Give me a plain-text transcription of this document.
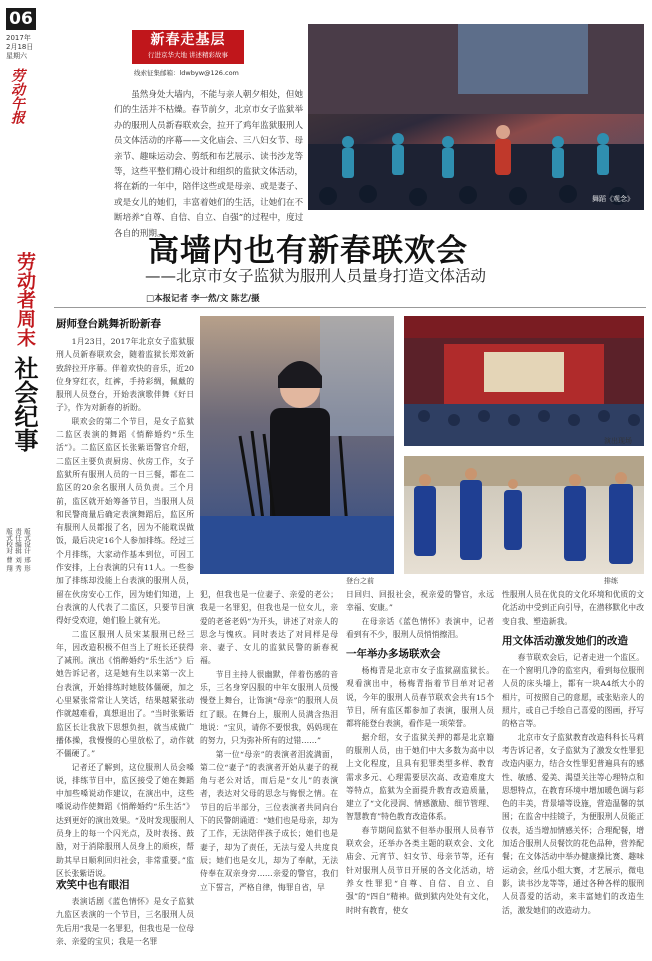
06
2017年
2月18日
星期六
劳动午报
劳动者周末
社会纪事
版式设计 邢 形
责任编辑 刘 秀
版式校对 曹 翔
新春走基层
行进京华大地 讲述精彩故事
线索征集邮箱：ldwbyw@126.com
虽然身处大墙内，不能与亲人朝夕相处，但她们的生活并不枯燥。春节前夕，北京市女子监狱举办的服刑人员新春联欢会，拉开了鸡年监狱服刑人员文体活动的序幕——文化庙会、三八妇女节、母亲节、趣味运动会、剪纸和布艺展示、读书沙龙等等，这些平整们精心设计和组织的监狱文体活动，将在新的一年中，陪伴这些或是母亲、或是妻子、或是女儿的她们，丰富着她们的生活，让她们在不断培养“自尊、自信、自立、自强”的过程中，度过各自的刑期。
舞蹈《观念》
高墙内也有新春联欢会
——北京市女子监狱为服刑人员量身打造文体活动
□本报记者 李一然/文 陈艺/摄
厨师登台跳舞祈盼新春

1月23日，2017年北京女子监狱服刑人员新春联欢会，随着监狱长郑效新致辞拉开序幕。伴着欢快的音乐，近20位身穿红衣，红裤，手持彩绸，佩戴的服刑人员登台，开始表演歌伴舞《好日子》，作为对新春的祈盼。

联欢会的第二个节目，是女子监狱二监区表演的舞蹈《悄醉婚约“乐生活”》。二监区监区长张紫语警官介绍，二监区主要负责厨房、伙房工作，女子监狱所有服刑人员的一日三餐，都在二监区的20余名服刑人员负责。三个月前，监区就开始筹备节目，当服刑人员和民警商量后确定表演舞蹈后，监区所有服刑人员都报了名，因为不能耽误做饭，最后决定16个人参加排练。经过三个月排练，大家动作基本到位，可因工作安排，上台表演的只有11人。一些参加了排练却没能上台表演的服刑人员，留在伙房安心工作，因为她们知道，上台表演的人代表了二监区，只要节目演得好受欢迎，她们脸上就有光。

二监区服刑人员宋某服刑已经三年，因改造积极不但当上了班长还获得了减刑。演出《悄醉婚约“乐生活”》后她告诉记者，这是她有生以来第一次上台表演，开始排练时她肢体僵硬，加之心里紧张常常让人笑话，结果越紧张动作就越难看，真想退出了。“当时张紫语监区长让我放下思想负担，就当成做广播体操，我慢慢的心里放松了，动作就不僵硬了。”

记者还了解到，这位服刑人员会嗓说，排练节目中，监区接受了她在舞蹈中加些嗓说动作建议，在演出中，这些嗓说动作使舞蹈《悄醉婚约“乐生活”》达到更好的演出效果。“及时发现服刑人员身上的每一个闪光点，及时表扬、鼓励，对于消除服刑人员身上的顽疾，帮助其早日顺利回归社会，非常重要。”监区长张紫语说。

欢笑中也有眼泪

表演话剧《蓝色情怀》是女子监狱九监区表演的一个节目，三名服刑人员先后用“我是一名罪犯，但我也是一位母亲、亲爱的宝贝；我是一名罪

登台之前
演出现场
排练

犯，但我也是一位妻子、亲爱的老公；我是一名罪犯，但我也是一位女儿，亲爱的老爸老妈”为开头，讲述了对亲人的思念与愧疚。同时表达了对同样是母亲、妻子、女儿的监狱民警的新春祝福。

节目主持人很幽默，伴着伤感的音乐，三名身穿囚服的中年女服刑人员慢慢登上舞台，让饰演“母亲”的服刑人员红了眼。在舞台上，服刑人员满含热泪地说：“宝贝，请你不要恨我，妈妈现在的努力，只为弥补所有的过错……”

第一位“母亲”的表演者泪流满面，第二位“妻子”的表演者开始从妻子的视角与老公对话，而后是“女儿”的表演者，表达对父母的思念与悔恨之情。在节目的后半部分，三位表演者共同向台下的民警朗诵道：“她们也是母亲，却为了工作，无法陪伴孩子成长；她们也是妻子，却为了责任，无法与爱人共度良辰；她们也是女儿，却为了奉献，无法侍奉在双亲身旁……亲爱的警官，我们立下誓言，严格自律，悔罪自省，早

日回归、回报社会，祝亲爱的警官，永远幸福、安康。”

在母亲话《蓝色情怀》表演中，记者看到有不少，服刑人员悄悄擦泪。

一年举办多场联欢会

杨梅青是北京市女子监狱副监狱长。观看演出中，杨梅青指着节目单对记者说，今年的服刑人员春节联欢会共有15个节目，所有监区都参加了表演，服刑人员都将能登台表演，看作是一项荣誉。

据介绍，女子监狱关押的都是北京籍的服刑人员，由于她们中大多数为高中以上文化程度，且具有犯罪类型多样、教育需求多元、心理需要层次高、改造难度大等特点，监狱为全面提升教育改造质量，建立了“文化浸润、情感激励、细节管理、智慧教育”特色教育改造体系。

春节期间监狱不但举办服刑人员春节联欢会，还举办各类主题的联欢会、文化庙会、元宵节、妇女节、母亲节等，还有针对服刑人员节日开展的各文化活动，培养女性罪犯“自尊、自信、自立、自强”的“四自”精神。做到狱内处处有文化，时时有教育，使女

性服刑人员在优良的文化环境和优质的文化活动中受到正向引导，在潜移默化中改变自我、塑造新我。

用文体活动激发她们的改造

春节联欢会后，记者走进一个监区。在一个窗明几净的监室内，看到每位服刑人员的床头墙上，都有一块A4纸大小的相片，可按照自己的意愿，或张贴亲人的照片，或自己手绘自己喜爱的图画，抒写的格言等。

北京市女子监狱教育改造科科长马莉考告诉记者，女子监狱为了激发女性罪犯改造内驱力，结合女性罪犯普遍具有的感性、敏感、爱美、渴望关注等心理特点和思想特点，在教育环境中增加暖色调与彩色的丰美，背景墙等设施，营造温馨的氛围；在监舍中挂镜子，为便服刑人员能正仪表，适当增加情感关怀；合理配餐，增加适合服刑人员餐饮的花色品种，营养配餐；在文体活动中举办健康操比赛、趣味运动会，丝瓜小组大赛，才艺展示，微电影，读书沙龙等等，通过各种各样的服刑人员喜爱的活动，来丰富她们的改造生活，激发她们的改造动力。
